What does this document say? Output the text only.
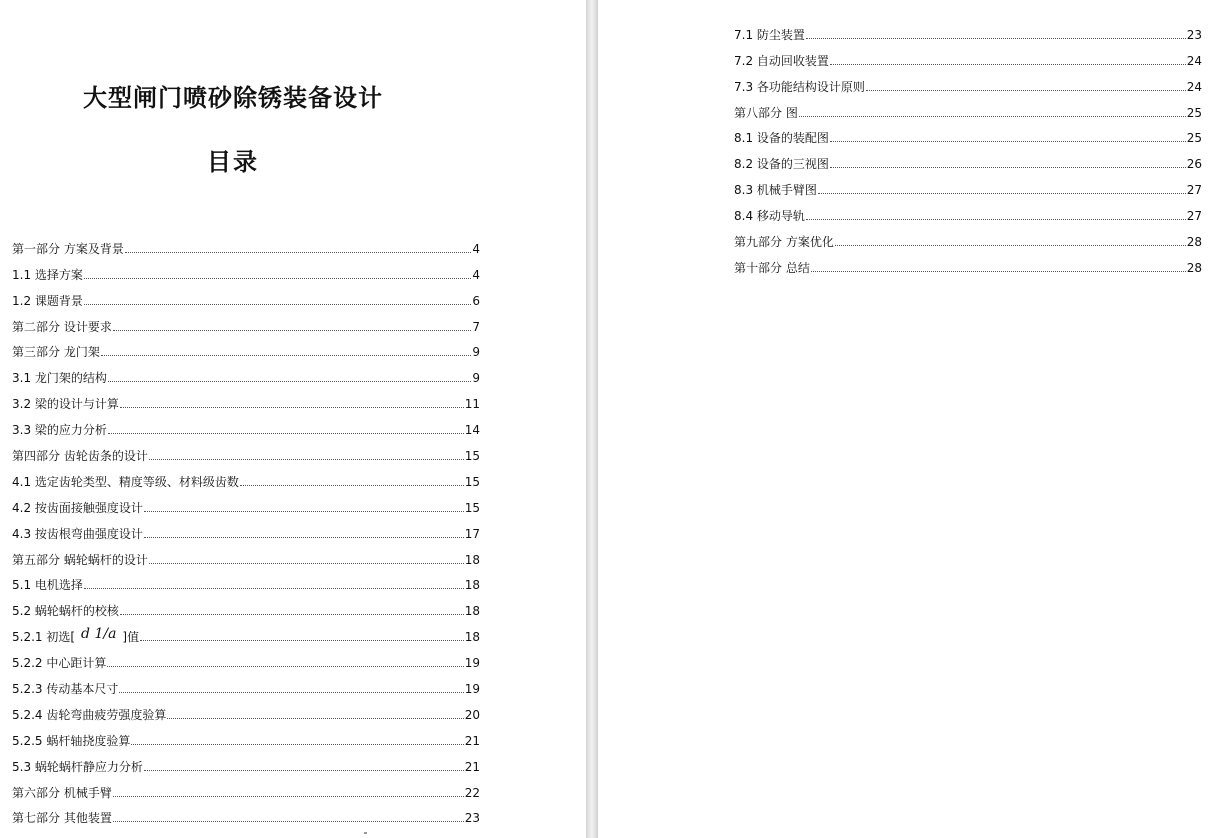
大型闸门喷砂除锈装备设计
目录
第一部分 方案及背景	4
1.1 选择方案	4
1.2 课题背景	6
第二部分 设计要求	7
第三部分 龙门架	9
3.1 龙门架的结构	9
3.2 梁的设计与计算	11
3.3 梁的应力分析	14
第四部分 齿轮齿条的设计	15
4.1 选定齿轮类型、精度等级、材料级齿数	15
4.2 按齿面接触强度设计	15
4.3 按齿根弯曲强度设计	17
第五部分 蜗轮蜗杆的设计	18
5.1 电机选择	18
5.2 蜗轮蜗杆的校核	18
5.2.1 初选[ d 1/a ]值	18
5.2.2 中心距计算	19
5.2.3 传动基本尺寸	19
5.2.4 齿轮弯曲疲劳强度验算	20
5.2.5 蜗杆轴挠度验算	21
5.3 蜗轮蜗杆静应力分析	21
第六部分 机械手臂	22
第七部分 其他装置	23
7.1 防尘装置	23
7.2 自动回收装置	24
7.3 各功能结构设计原则	24
第八部分 图	25
8.1 设备的装配图	25
8.2 设备的三视图	26
8.3 机械手臂图	27
8.4 移动导轨	27
第九部分 方案优化	28
第十部分 总结	28
